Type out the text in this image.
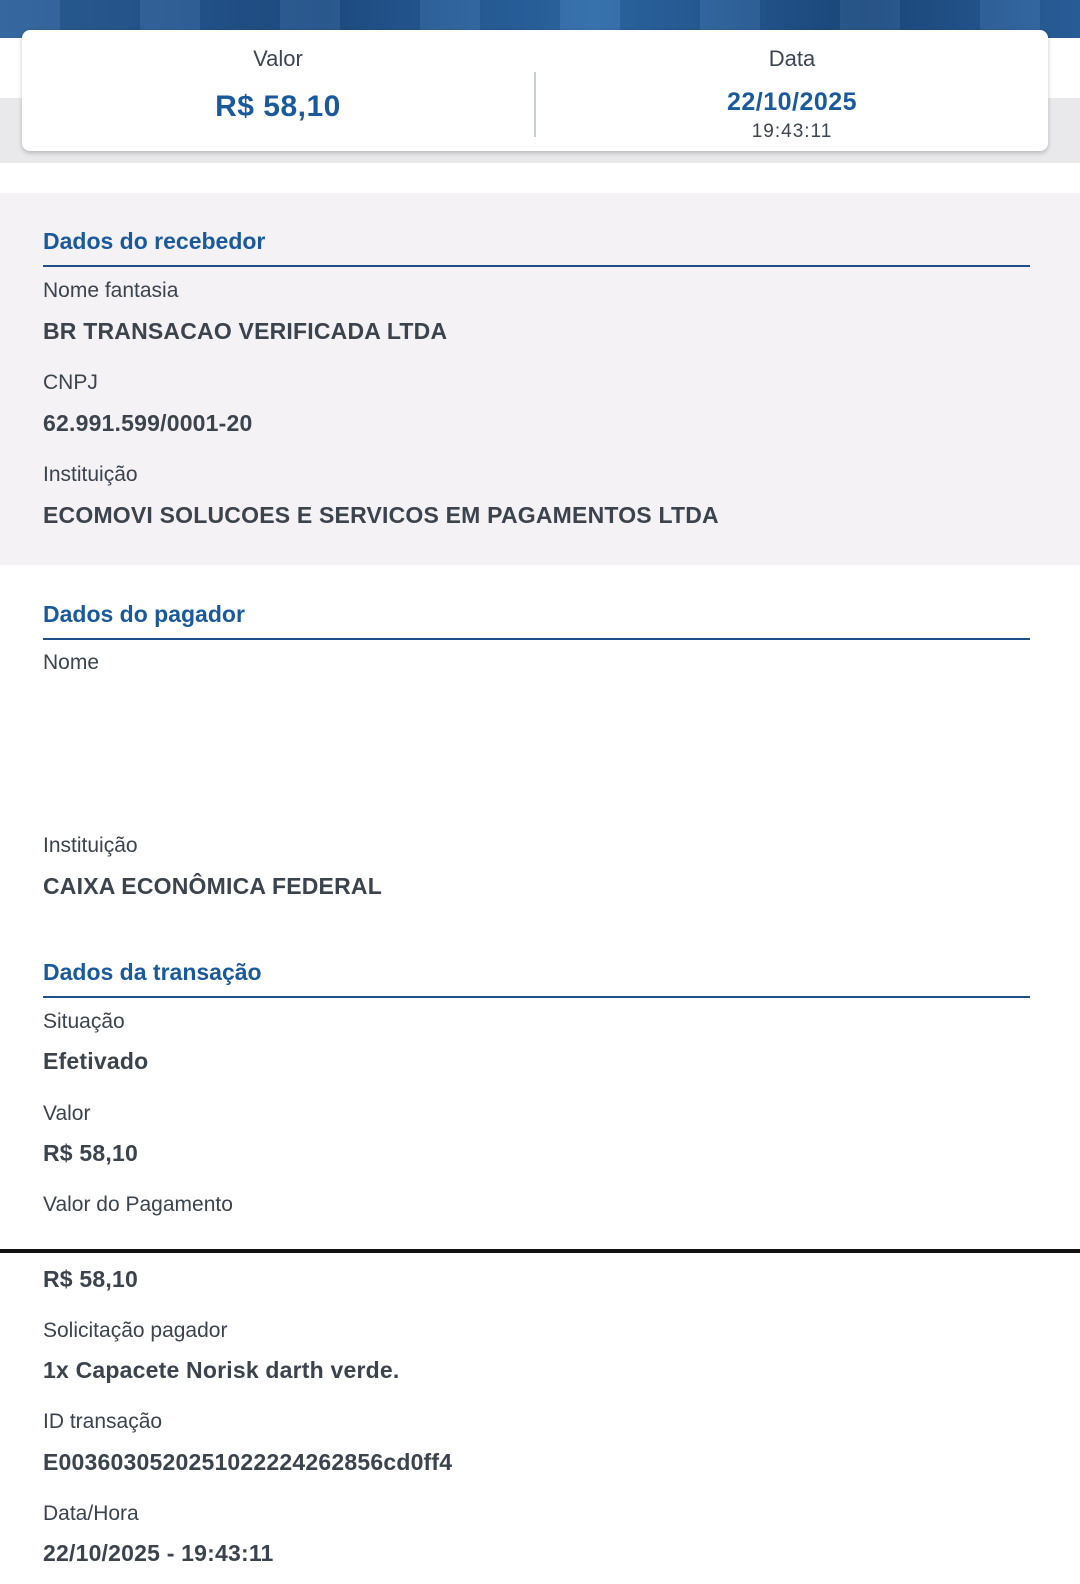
Valor
R$ 58,10
Data
22/10/2025
19:43:11
Dados do recebedor
Nome fantasia
BR TRANSACAO VERIFICADA LTDA
CNPJ
62.991.599/0001-20
Instituição
ECOMOVI SOLUCOES E SERVICOS EM PAGAMENTOS LTDA
Dados do pagador
Nome
Instituição
CAIXA ECONÔMICA FEDERAL
Dados da transação
Situação
Efetivado
Valor
R$ 58,10
Valor do Pagamento
R$ 58,10
Solicitação pagador
1x Capacete Norisk darth verde.
ID transação
E0036030520251022224262856cd0ff4
Data/Hora
22/10/2025 - 19:43:11
